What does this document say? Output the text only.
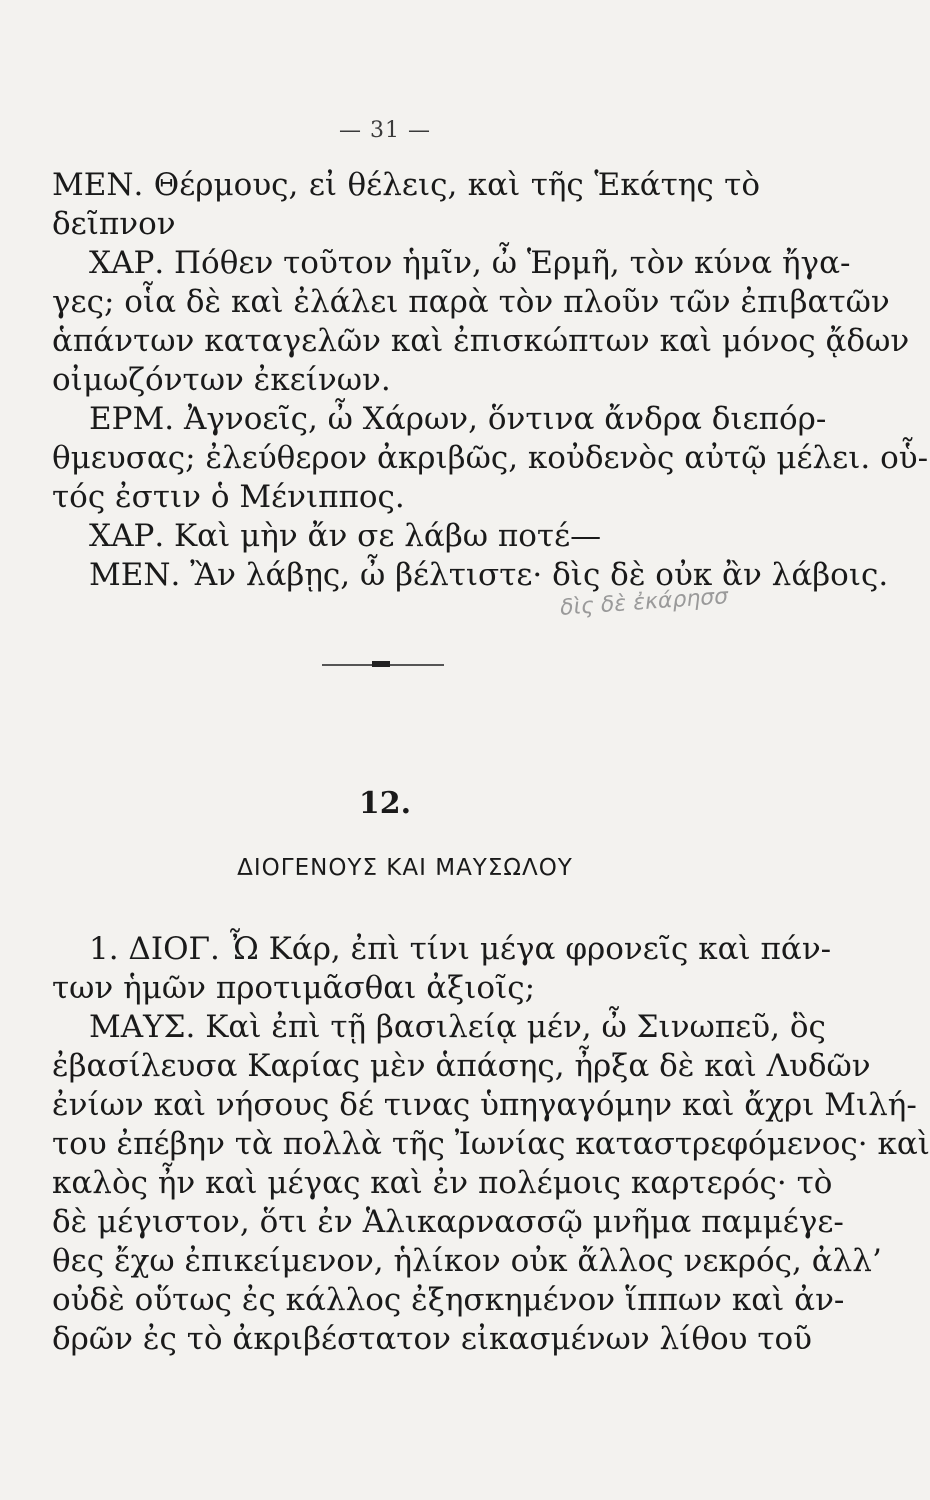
— 31 —
ΜΕΝ. Θέρμους, εἰ θέλεις, καὶ τῆς Ἑκάτης τὸ
δεῖπνον
ΧΑΡ. Πόθεν τοῦτον ἡμῖν, ὦ Ἑρμῆ, τὸν κύνα ἤγα-
γες; οἷα δὲ καὶ ἐλάλει παρὰ τὸν πλοῦν τῶν ἐπιβατῶν
ἁπάντων καταγελῶν καὶ ἐπισκώπτων καὶ μόνος ᾄδων
οἰμωζόντων ἐκείνων.
ΕΡΜ. Ἀγνοεῖς, ὦ Χάρων, ὅντινα ἄνδρα διεπόρ-
θμευσας; ἐλεύθερον ἀκριβῶς, κοὐδενὸς αὐτῷ μέλει. οὗ-
τός ἐστιν ὁ Μένιππος.
ΧΑΡ. Καὶ μὴν ἄν σε λάβω ποτέ—
ΜΕΝ. Ἂν λάβῃς, ὦ βέλτιστε· δὶς δὲ οὐκ ἂν λάβοις.
δὶς δὲ ἐκάρησσ
12.
ΔΙΟΓΕΝΟΥΣ ΚΑΙ ΜΑΥΣΩΛΟΥ
1. ΔΙΟΓ. Ὦ Κάρ, ἐπὶ τίνι μέγα φρονεῖς καὶ πάν-
των ἡμῶν προτιμᾶσθαι ἀξιοῖς;
ΜΑΥΣ. Καὶ ἐπὶ τῇ βασιλείᾳ μέν, ὦ Σινωπεῦ, ὃς
ἐβασίλευσα Καρίας μὲν ἁπάσης, ἦρξα δὲ καὶ Λυδῶν
ἐνίων καὶ νήσους δέ τινας ὑπηγαγόμην καὶ ἄχρι Μιλή-
του ἐπέβην τὰ πολλὰ τῆς Ἰωνίας καταστρεφόμενος· καὶ
καλὸς ἦν καὶ μέγας καὶ ἐν πολέμοις καρτερός· τὸ
δὲ μέγιστον, ὅτι ἐν Ἁλικαρνασσῷ μνῆμα παμμέγε-
θες ἔχω ἐπικείμενον, ἡλίκον οὐκ ἄλλος νεκρός, ἀλλ’
οὐδὲ οὕτως ἐς κάλλος ἐξησκημένον ἵππων καὶ ἀν-
δρῶν ἐς τὸ ἀκριβέστατον εἰκασμένων λίθου τοῦ
